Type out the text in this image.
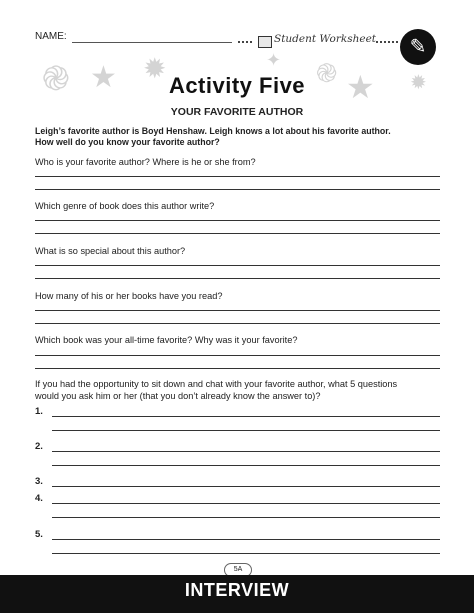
֎ ★ ✹	✦ ֎ ★ ✹
NAME:	Student Worksheet ✎
Activity Five
YOUR FAVORITE AUTHOR
Leigh’s favorite author is Boyd Henshaw. Leigh knows a lot about his favorite author.
How well do you know your favorite author?
Who is your favorite author? Where is he or she from?
Which genre of book does this author write?
What is so special about this author?
How many of his or her books have you read?
Which book was your all-time favorite? Why was it your favorite?
If you had the opportunity to sit down and chat with your favorite author, what 5 questions
would you ask him or her (that you don’t already know the answer to)?
1.
2.
3.
4.
5.
5A
INTERVIEW
